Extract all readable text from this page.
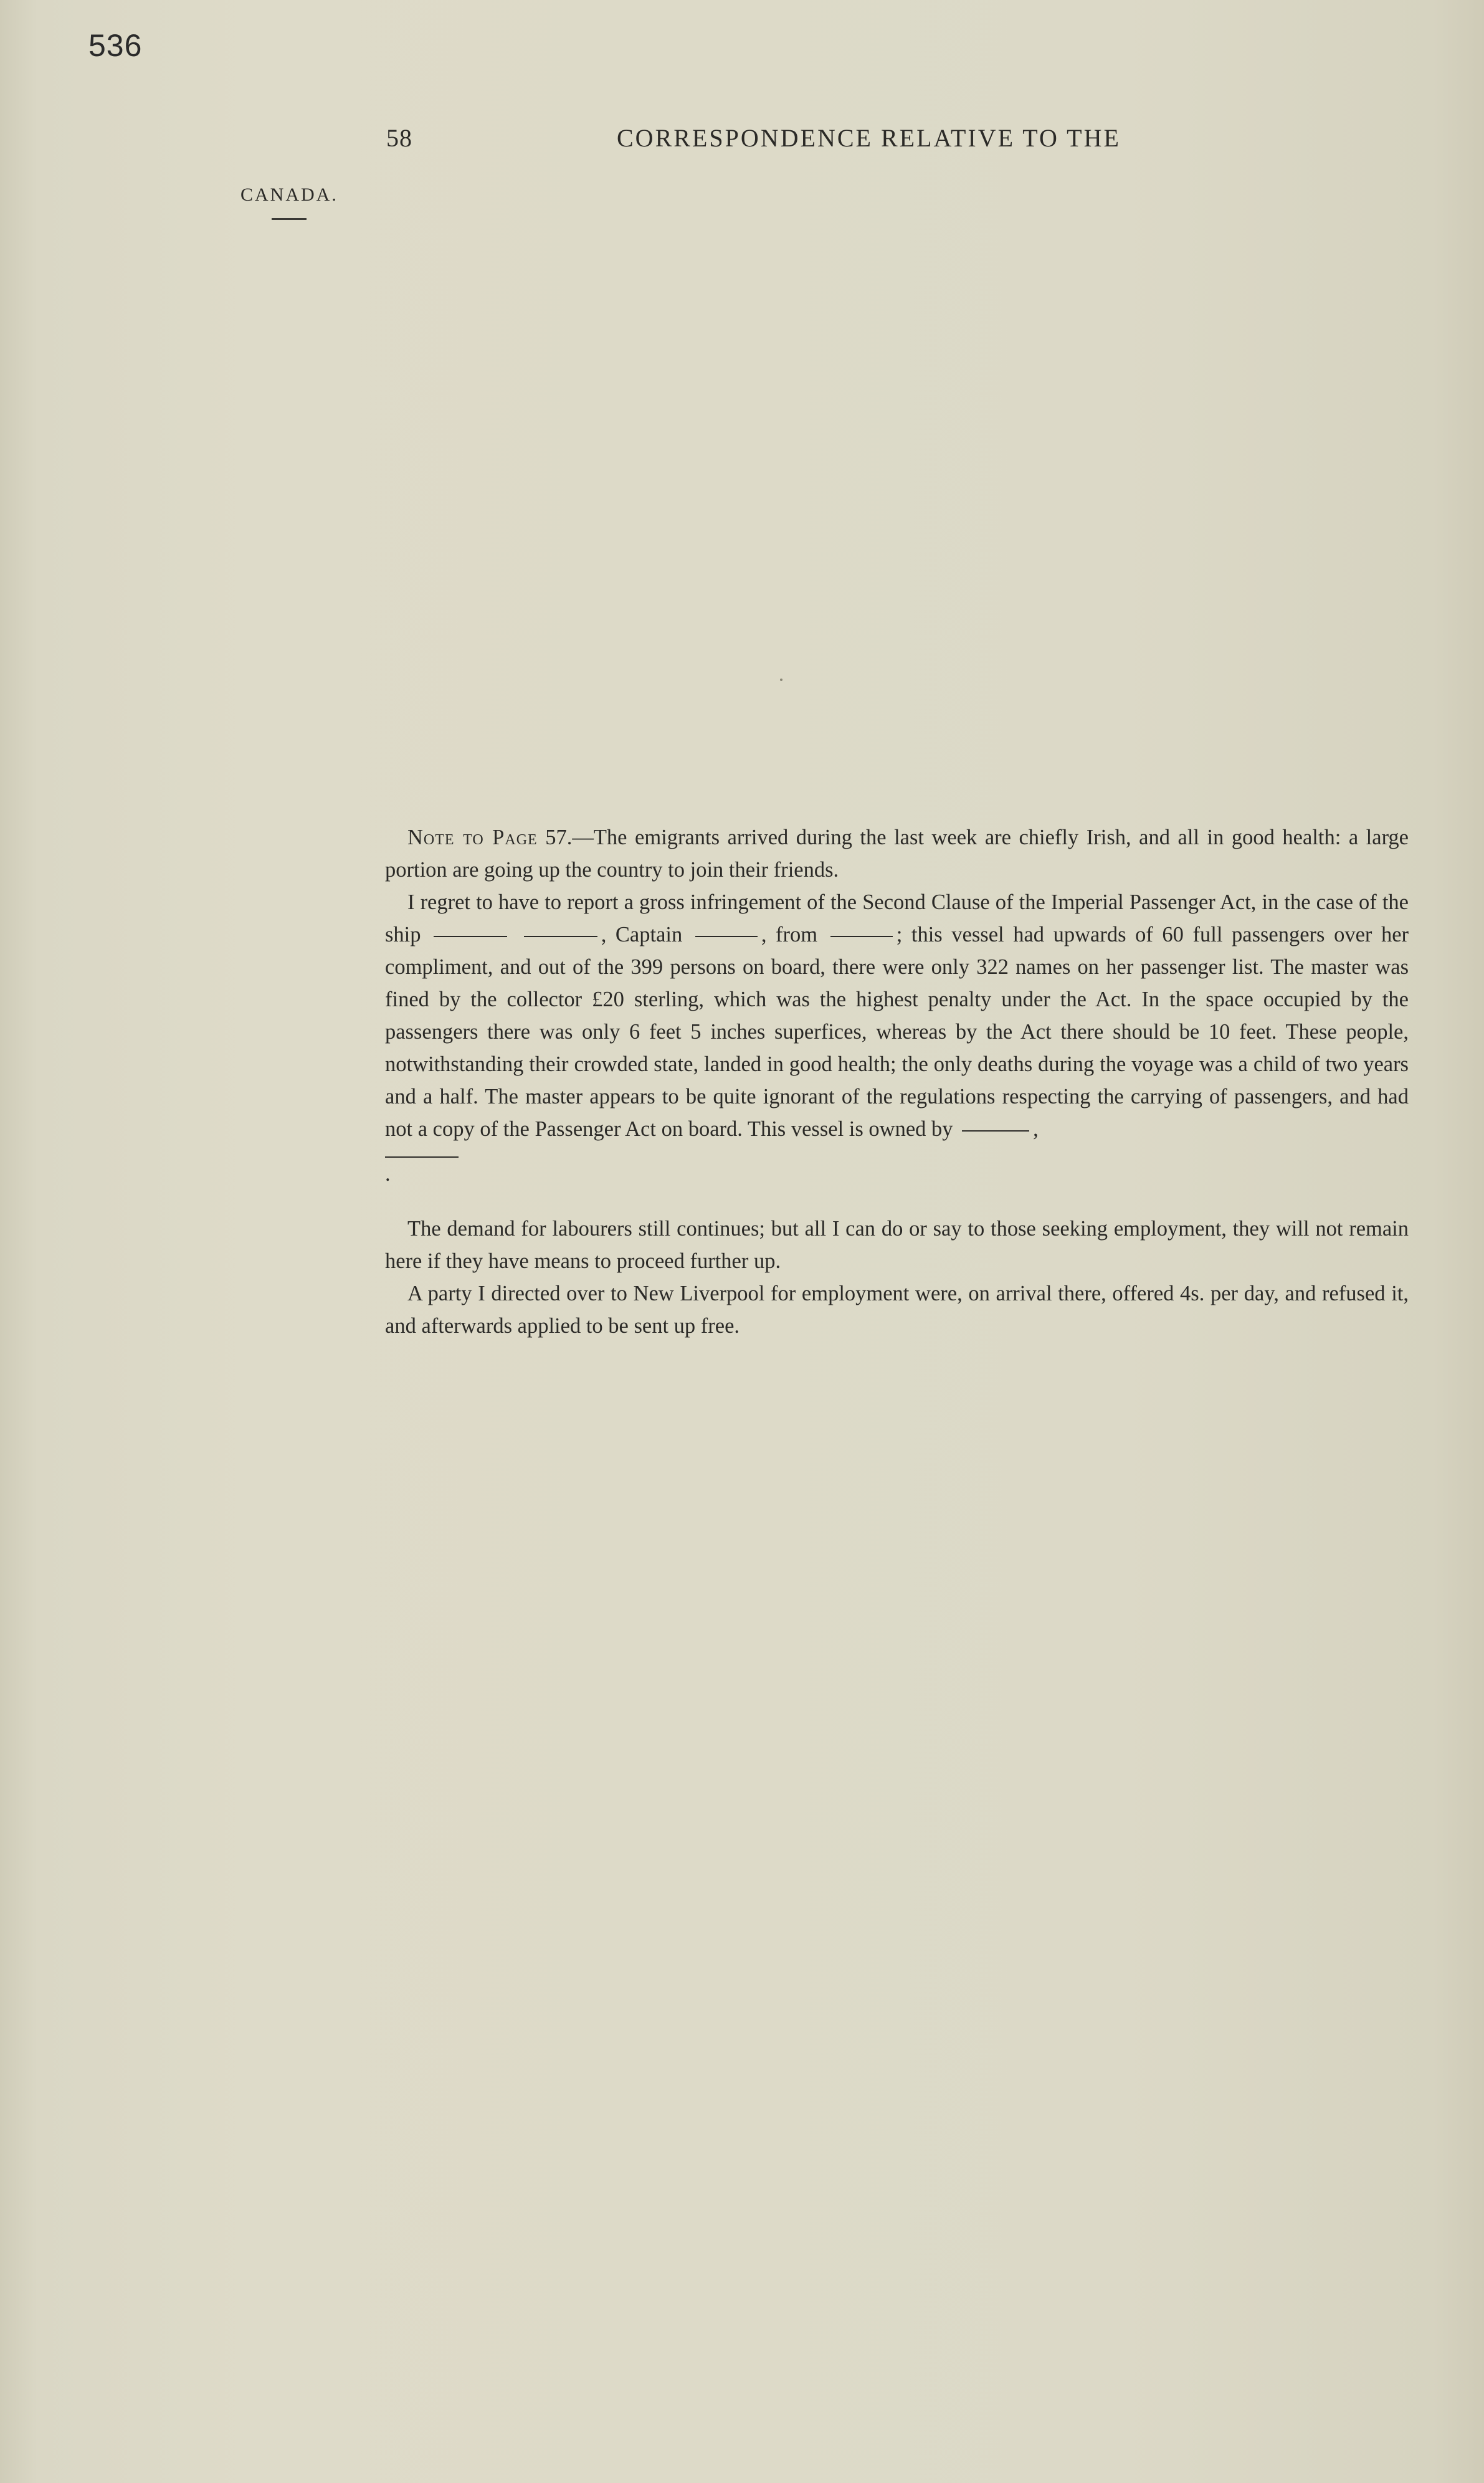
536
58	CORRESPONDENCE RELATIVE TO THE
CANADA.

Note to Page 57.—The emigrants arrived during the last week are chiefly Irish, and all in good health: a large portion are going up the country to join their friends.

I regret to have to report a gross infringement of the Second Clause of the Imperial Passenger Act, in the case of the ship	, Captain	, from	; this vessel had upwards of 60 full passengers over her compliment, and out of the 399 persons on board, there were only 322 names on her passenger list. The master was fined by the collector £20 sterling, which was the highest penalty under the Act. In the space occupied by the passengers there was only 6 feet 5 inches superfices, whereas by the Act there should be 10 feet. These people, notwithstanding their crowded state, landed in good health; the only deaths during the voyage was a child of two years and a half. The master appears to be quite ignorant of the regulations respecting the carrying of passengers, and had not a copy of the Passenger Act on board. This vessel is owned by	,
.

The demand for labourers still continues; but all I can do or say to those seeking employment, they will not remain here if they have means to proceed further up.

A party I directed over to New Liverpool for employment were, on arrival there, offered 4s. per day, and refused it, and afterwards applied to be sent up free.
